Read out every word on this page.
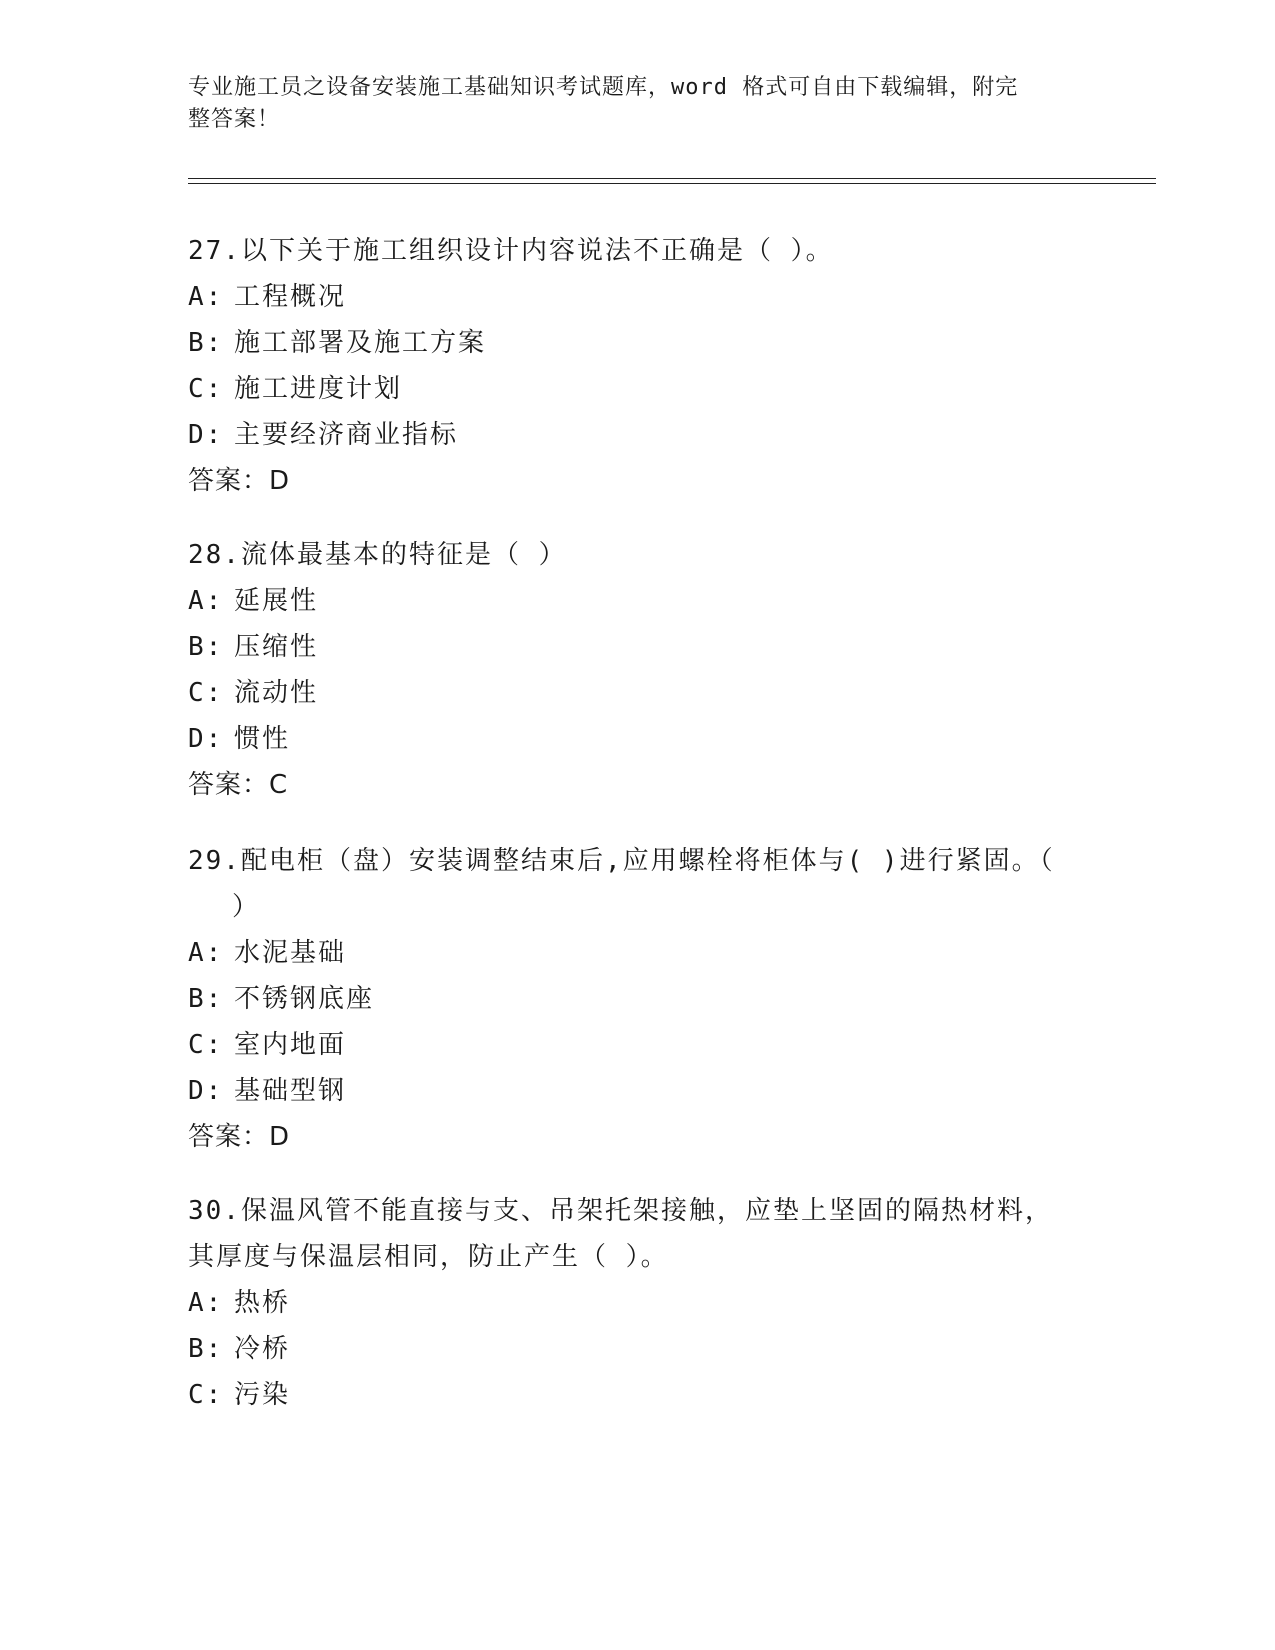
专业施工员之设备安装施工基础知识考试题库，word 格式可自由下载编辑，附完
整答案！
27.以下关于施工组织设计内容说法不正确是（ ）。
A: 工程概况
B: 施工部署及施工方案
C: 施工进度计划
D: 主要经济商业指标
答案：D
28.流体最基本的特征是（ ）
A: 延展性
B: 压缩性
C: 流动性
D: 惯性
答案：C
29.配电柜（盘）安装调整结束后,应用螺栓将柜体与( )进行紧固。（
）
A: 水泥基础
B: 不锈钢底座
C: 室内地面
D: 基础型钢
答案：D
30.保温风管不能直接与支、吊架托架接触，应垫上坚固的隔热材料，
其厚度与保温层相同，防止产生（ ）。
A: 热桥
B: 冷桥
C: 污染
